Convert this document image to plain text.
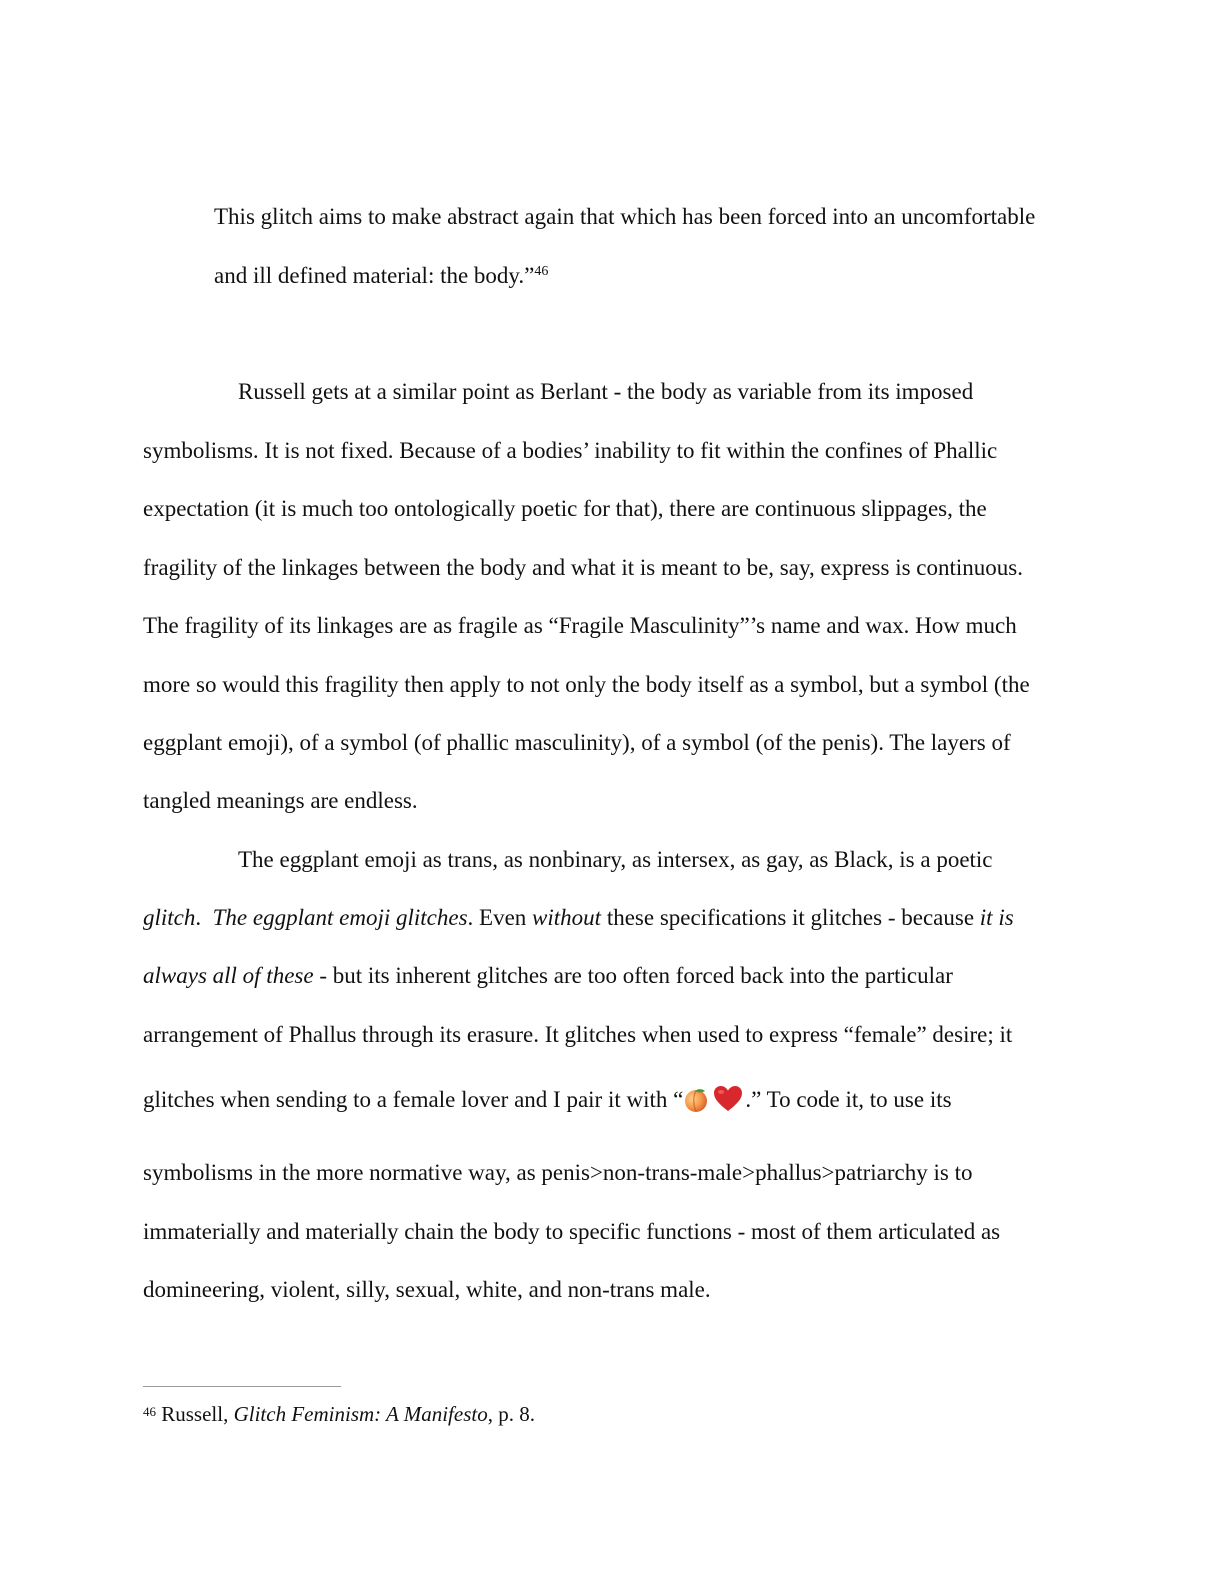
This glitch aims to make abstract again that which has been forced into an uncomfortable
and ill defined material: the body.”$^{46}$
Russell gets at a similar point as Berlant - the body as variable from its imposed
symbolisms. It is not fixed. Because of a bodies’ inability to fit within the confines of Phallic
expectation (it is much too ontologically poetic for that), there are continuous slippages, the
fragility of the linkages between the body and what it is meant to be, say, express is continuous.
The fragility of its linkages are as fragile as “Fragile Masculinity”’s name and wax. How much
more so would this fragility then apply to not only the body itself as a symbol, but a symbol (the
eggplant emoji), of a symbol (of phallic masculinity), of a symbol (of the penis). The layers of
tangled meanings are endless.
The eggplant emoji as trans, as nonbinary, as intersex, as gay, as Black, is a poetic
glitch.  The eggplant emoji glitches. Even without these specifications it glitches - because it is
always all of these - but its inherent glitches are too often forced back into the particular
arrangement of Phallus through its erasure. It glitches when used to express “female” desire; it
glitches when sending to a female lover and I pair it with “	.” To code it, to use its
symbolisms in the more normative way, as penis>non-trans-male>phallus>patriarchy is to
immaterially and materially chain the body to specific functions - most of them articulated as
domineering, violent, silly, sexual, white, and non-trans male.
$^{46}$ Russell, Glitch Feminism: A Manifesto, p. 8.
